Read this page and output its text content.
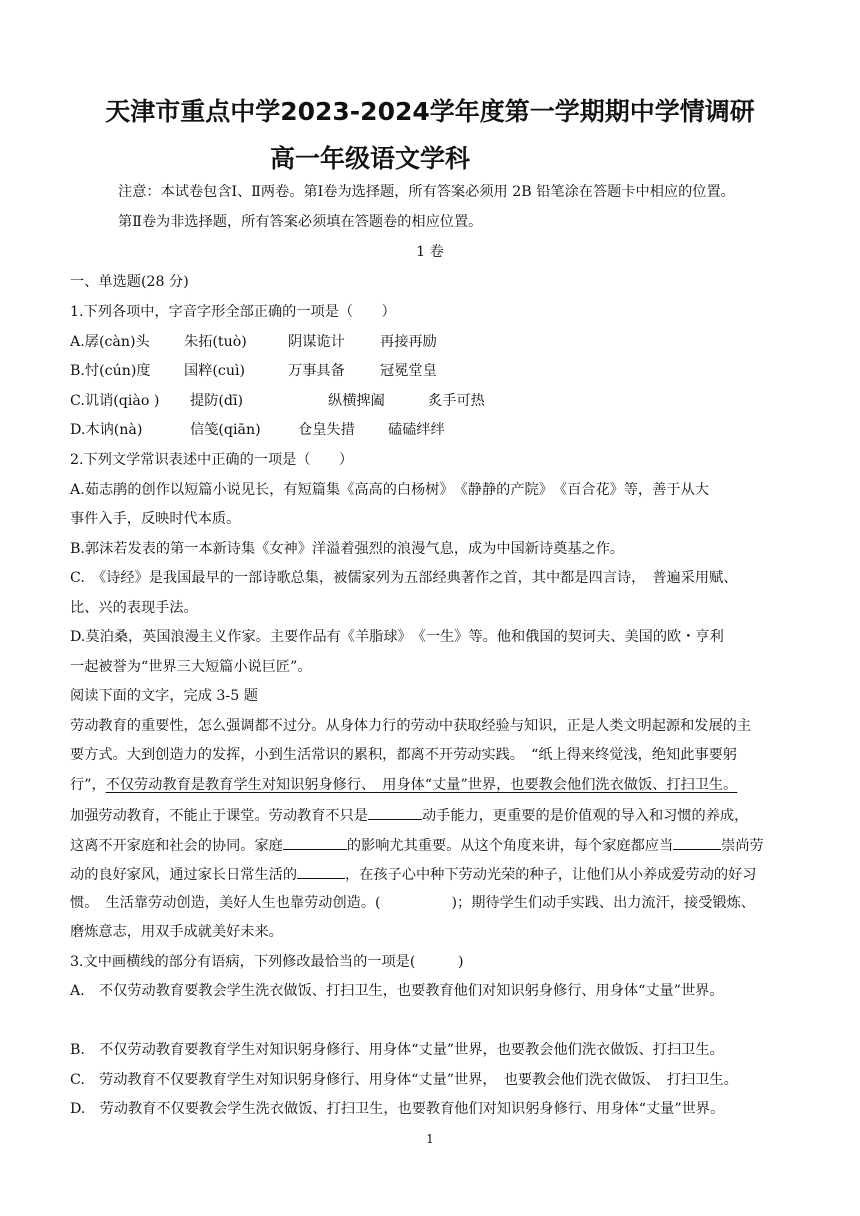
天津市重点中学2023-2024学年度第一学期期中学情调研
高一年级语文学科
注意：本试卷包含Ⅰ、Ⅱ两卷。第Ⅰ卷为选择题，所有答案必须用 2B 铅笔涂在答题卡中相应的位置。
第Ⅱ卷为非选择题，所有答案必须填在答题卷的相应位置。
1 卷
一、单选题(28 分)
1.下列各项中，字音字形全部正确的一项是（　　）
A.孱(càn)头 朱拓(tuò)	阴谋诡计 再接再励
B.忖(cún)度 国粹(cuì)	万事具备 冠冕堂皇
C.讥诮(qiào ) 提防(dī)	纵横捭阖	炙手可热
D.木讷(nà)	信笺(qiān)	仓皇失措 磕磕绊绊
2.下列文学常识表述中正确的一项是（　　）
A.茹志鹃的创作以短篇小说见长，有短篇集《高高的白杨树》　《静静的产院》　《百合花》等，善于从大
事件入手，反映时代本质。
B.郭沫若发表的第一本新诗集《女神》洋溢着强烈的浪漫气息，成为中国新诗奠基之作。
C.　《诗经》是我国最早的一部诗歌总集，被儒家列为五部经典著作之首，其中都是四言诗，　普遍采用赋、
比、兴的表现手法。
D.莫泊桑，英国浪漫主义作家。主要作品有《羊脂球》　《一生》等。他和俄国的契诃夫、美国的欧・亨利
一起被誉为“世界三大短篇小说巨匠”。
阅读下面的文字，完成 3-5 题
劳动教育的重要性，怎么强调都不过分。从身体力行的劳动中获取经验与知识，正是人类文明起源和发展的主
要方式。大到创造力的发挥，小到生活常识的累积，都离不开劳动实践。　“纸上得来终觉浅，绝知此事要躬
行”，不仅劳动教育是教育学生对知识躬身修行、　用身体“丈量”世界，也要教会他们洗衣做饭、打扫卫生。
加强劳动教育，不能止于课堂。劳动教育不只是	动手能力，更重要的是价值观的导入和习惯的养成，
这离不开家庭和社会的协同。家庭	的影响尤其重要。从这个角度来讲，每个家庭都应当	崇尚劳
动的良好家风，通过家长日常生活的	，在孩子心中种下劳动光荣的种子，让他们从小养成爱劳动的好习
惯。　生活靠劳动创造，美好人生也靠劳动创造。(　　　　　)；期待学生们动手实践、出力流汗，接受锻炼、
磨炼意志，用双手成就美好未来。
3.文中画横线的部分有语病，下列修改最恰当的一项是(　　　)
A.　不仅劳动教育要教会学生洗衣做饭、打扫卫生，也要教育他们对知识躬身修行、用身体“丈量”世界。
B.　不仅劳动教育要教育学生对知识躬身修行、用身体“丈量”世界，也要教会他们洗衣做饭、打扫卫生。
C.　劳动教育不仅要教育学生对知识躬身修行、用身体“丈量”世界，　也要教会他们洗衣做饭、　打扫卫生。
D.　劳动教育不仅要教会学生洗衣做饭、打扫卫生，也要教育他们对知识躬身修行、用身体“丈量”世界。
1
